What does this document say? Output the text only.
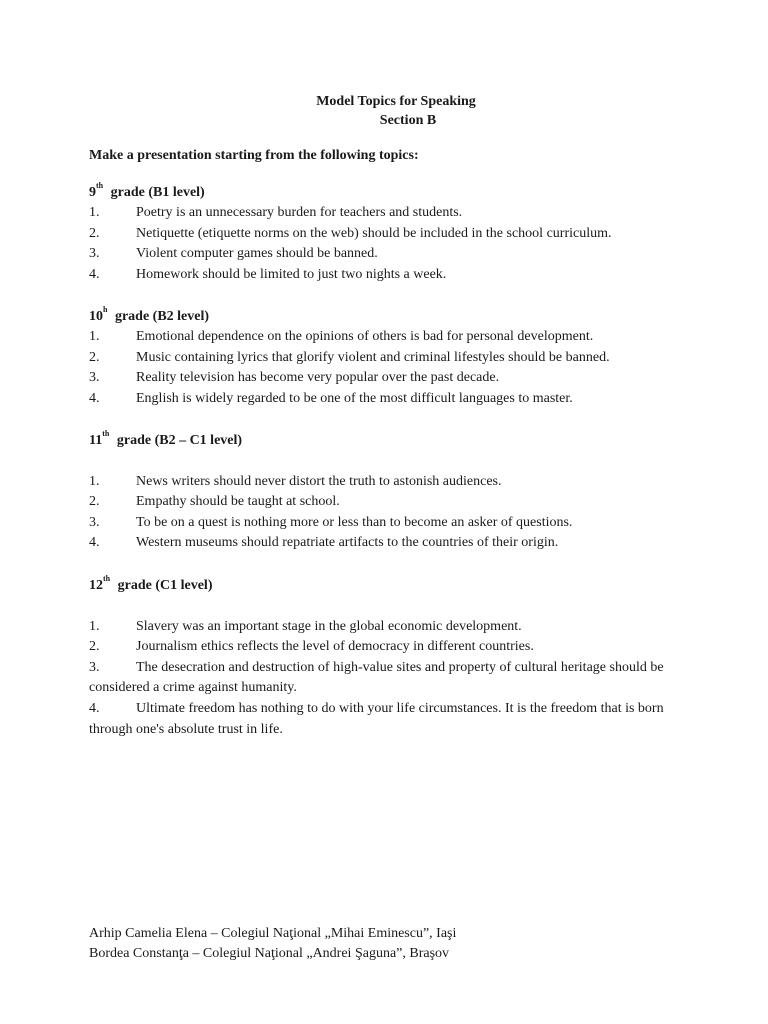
Model Topics for Speaking
Section B
Make a presentation starting from the following topics:

9th grade (B1 level)

1.	Poetry is an unnecessary burden for teachers and students.
2.	Netiquette (etiquette norms on the web) should be included in the school curriculum.
3.	Violent computer games should be banned.
4.	Homework should be limited to just two nights a week.

10$^h$ grade (B2 level)

1.	Emotional dependence on the opinions of others is bad for personal development.
2.	Music containing lyrics that glorify violent and criminal lifestyles should be banned.
3.	Reality television has become very popular over the past decade.
4.	English is widely regarded to be one of the most difficult languages to master.

11th grade (B2 – C1 level)

1.	News writers should never distort the truth to astonish audiences.
2.	Empathy should be taught at school.
3.	To be on a quest is nothing more or less than to become an asker of questions.
4.	Western museums should repatriate artifacts to the countries of their origin.

12th grade (C1 level)

1.	Slavery was an important stage in the global economic development.
2.	Journalism ethics reflects the level of democracy in different countries.
3.	The desecration and destruction of high-value sites and property of cultural heritage should be considered a crime against humanity.
4.	Ultimate freedom has nothing to do with your life circumstances. It is the freedom that is born through one's absolute trust in life.
Arhip Camelia Elena – Colegiul Naţional „Mihai Eminescu”, Iaşi
Bordea Constanţa – Colegiul Naţional „Andrei Şaguna”, Braşov
